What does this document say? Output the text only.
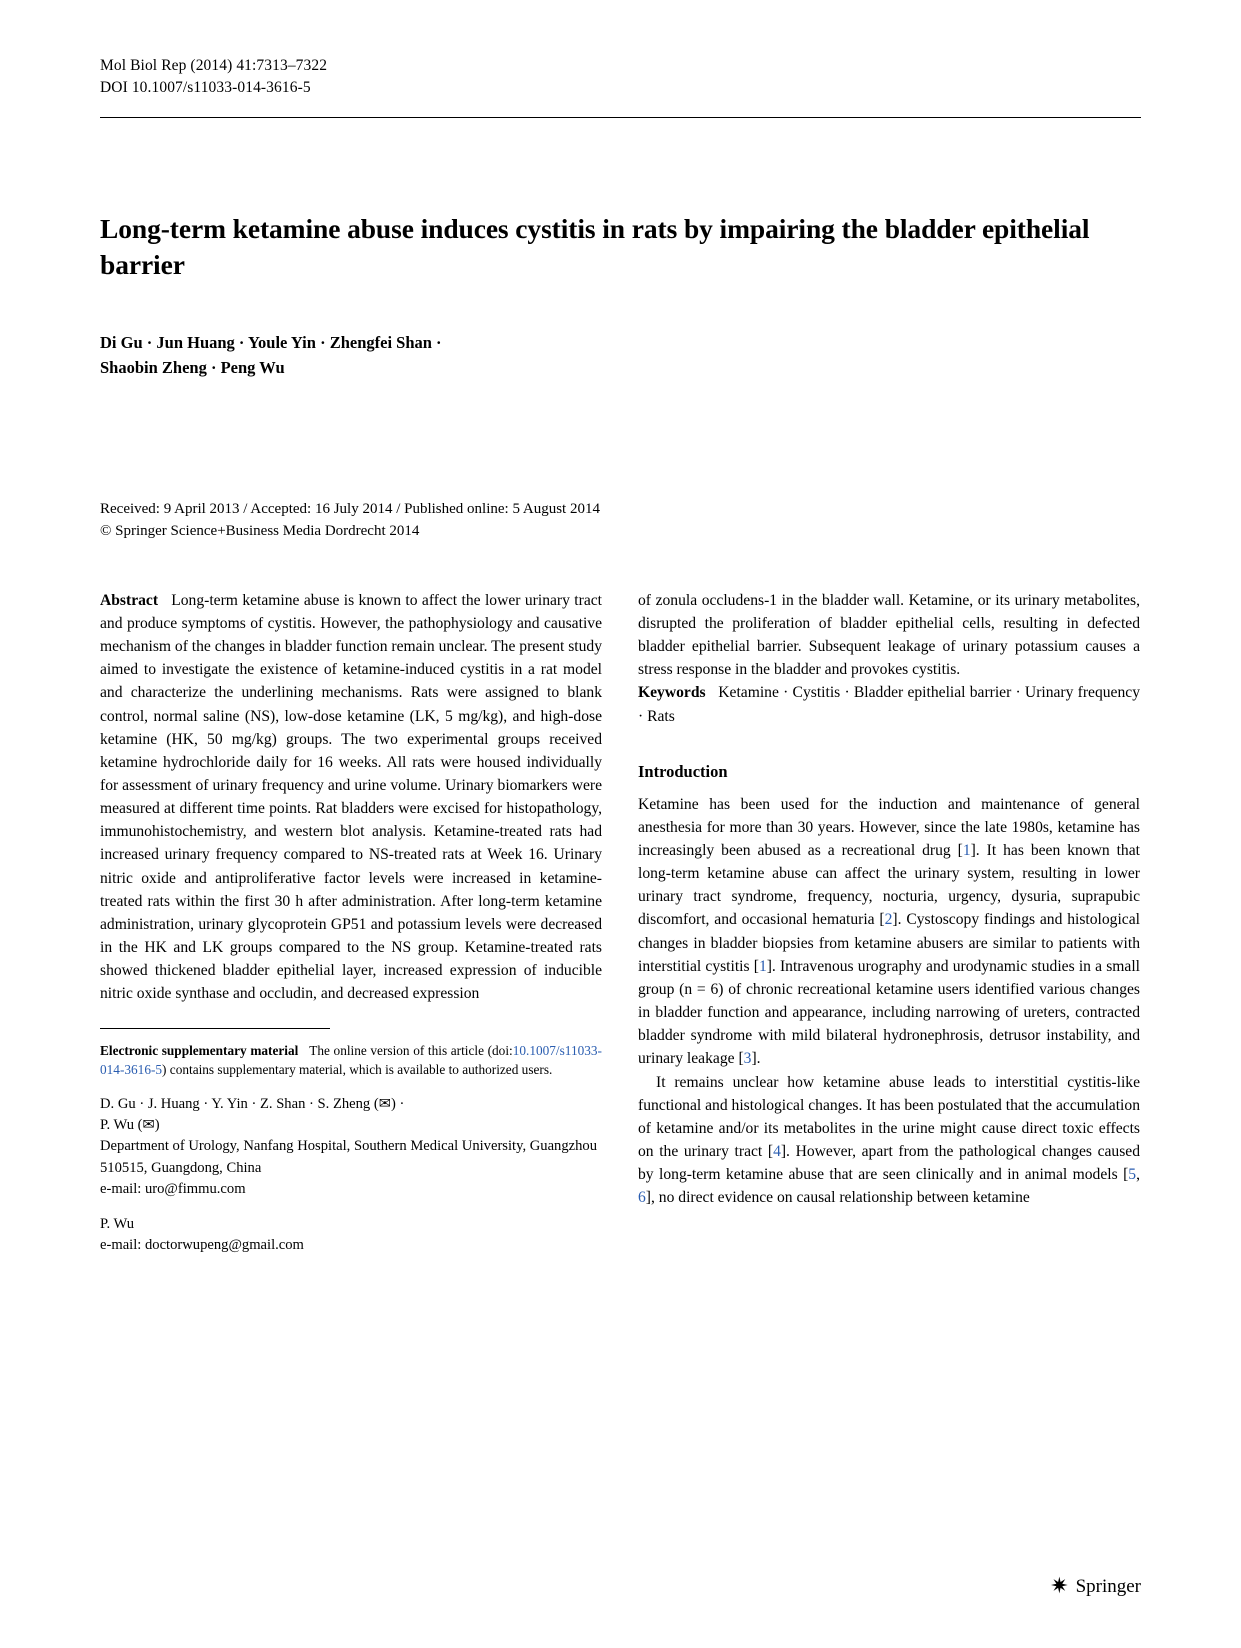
Mol Biol Rep (2014) 41:7313–7322
DOI 10.1007/s11033-014-3616-5
Long-term ketamine abuse induces cystitis in rats by impairing the bladder epithelial barrier
Di Gu · Jun Huang · Youle Yin · Zhengfei Shan ·
Shaobin Zheng · Peng Wu
Received: 9 April 2013 / Accepted: 16 July 2014 / Published online: 5 August 2014
© Springer Science+Business Media Dordrecht 2014

Abstract Long-term ketamine abuse is known to affect the lower urinary tract and produce symptoms of cystitis. However, the pathophysiology and causative mechanism of the changes in bladder function remain unclear. The present study aimed to investigate the existence of ketamine-induced cystitis in a rat model and characterize the underlining mechanisms. Rats were assigned to blank control, normal saline (NS), low-dose ketamine (LK, 5 mg/kg), and high-dose ketamine (HK, 50 mg/kg) groups. The two experimental groups received ketamine hydrochloride daily for 16 weeks. All rats were housed individually for assessment of urinary frequency and urine volume. Urinary biomarkers were measured at different time points. Rat bladders were excised for histopathology, immunohistochemistry, and western blot analysis. Ketamine-treated rats had increased urinary frequency compared to NS-treated rats at Week 16. Urinary nitric oxide and antiproliferative factor levels were increased in ketamine-treated rats within the first 30 h after administration. After long-term ketamine administration, urinary glycoprotein GP51 and potassium levels were decreased in the HK and LK groups compared to the NS group. Ketamine-treated rats showed thickened bladder epithelial layer, increased expression of inducible nitric oxide synthase and occludin, and decreased expression

Electronic supplementary material The online version of this article (doi:10.1007/s11033-014-3616-5) contains supplementary material, which is available to authorized users.

D. Gu · J. Huang · Y. Yin · Z. Shan · S. Zheng (✉) ·
P. Wu (✉)
Department of Urology, Nanfang Hospital, Southern Medical University, Guangzhou 510515, Guangdong, China
e-mail: uro@fimmu.com
P. Wu
e-mail: doctorwupeng@gmail.com

of zonula occludens-1 in the bladder wall. Ketamine, or its urinary metabolites, disrupted the proliferation of bladder epithelial cells, resulting in defected bladder epithelial barrier. Subsequent leakage of urinary potassium causes a stress response in the bladder and provokes cystitis.

Keywords Ketamine · Cystitis · Bladder epithelial barrier · Urinary frequency · Rats

Introduction

Ketamine has been used for the induction and maintenance of general anesthesia for more than 30 years. However, since the late 1980s, ketamine has increasingly been abused as a recreational drug [1]. It has been known that long-term ketamine abuse can affect the urinary system, resulting in lower urinary tract syndrome, frequency, nocturia, urgency, dysuria, suprapubic discomfort, and occasional hematuria [2]. Cystoscopy findings and histological changes in bladder biopsies from ketamine abusers are similar to patients with interstitial cystitis [1]. Intravenous urography and urodynamic studies in a small group (n = 6) of chronic recreational ketamine users identified various changes in bladder function and appearance, including narrowing of ureters, contracted bladder syndrome with mild bilateral hydronephrosis, detrusor instability, and urinary leakage [3].

It remains unclear how ketamine abuse leads to interstitial cystitis-like functional and histological changes. It has been postulated that the accumulation of ketamine and/or its metabolites in the urine might cause direct toxic effects on the urinary tract [4]. However, apart from the pathological changes caused by long-term ketamine abuse that are seen clinically and in animal models [5, 6], no direct evidence on causal relationship between ketamine

✷ Springer
